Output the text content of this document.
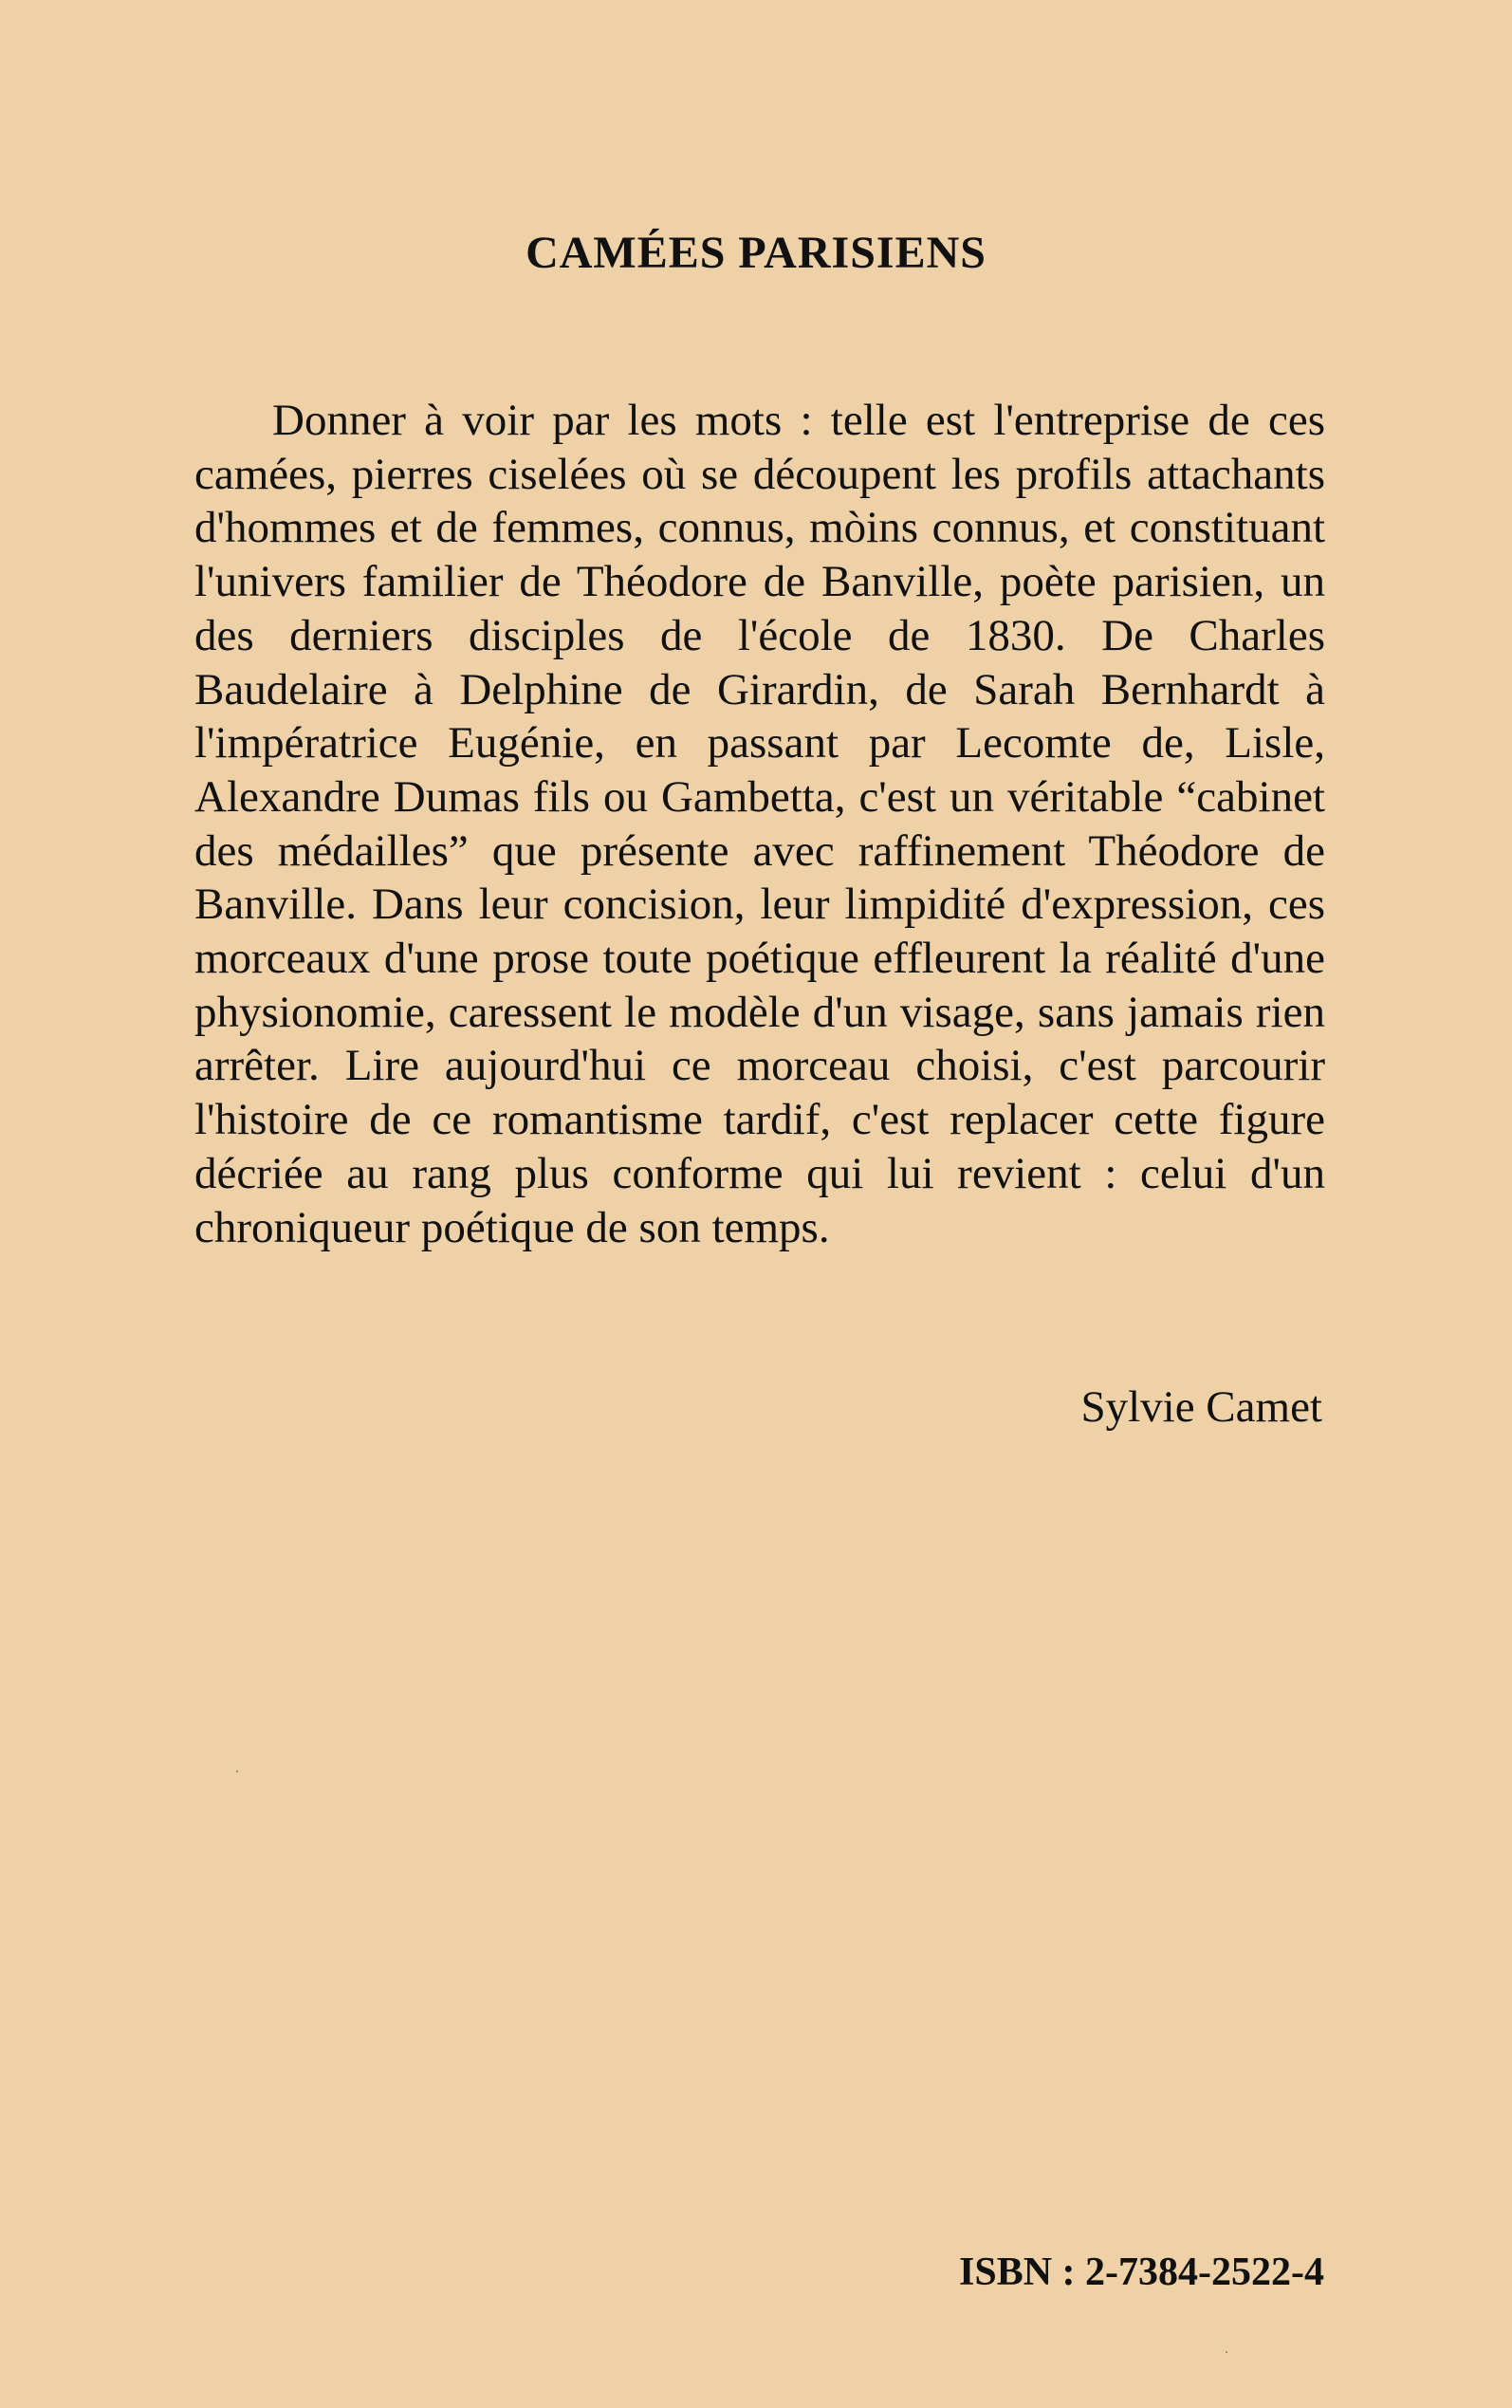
CAMÉES PARISIENS

Donner à voir par les mots : telle est l'entreprise de ces camées, pierres ciselées où se découpent les profils attachants d'hommes et de femmes, connus, mòins connus, et constituant l'univers familier de Théodore de Banville, poète parisien, un des derniers disciples de l'école de 1830. De Charles Baudelaire à Delphine de Girardin, de Sarah Bernhardt à l'impératrice Eugénie, en passant par Lecomte de, Lisle, Alexandre Dumas fils ou Gambetta, c'est un véritable “cabinet des médailles” que présente avec raffinement Théodore de Banville. Dans leur concision, leur limpidité d'expression, ces morceaux d'une prose toute poétique effleurent la réalité d'une physionomie, caressent le modèle d'un visage, sans jamais rien arrêter. Lire aujourd'hui ce morceau choisi, c'est parcourir l'histoire de ce romantisme tardif, c'est replacer cette figure décriée au rang plus conforme qui lui revient : celui d'un chroniqueur poétique de son temps.

Sylvie Camet
ISBN : 2-7384-2522-4
